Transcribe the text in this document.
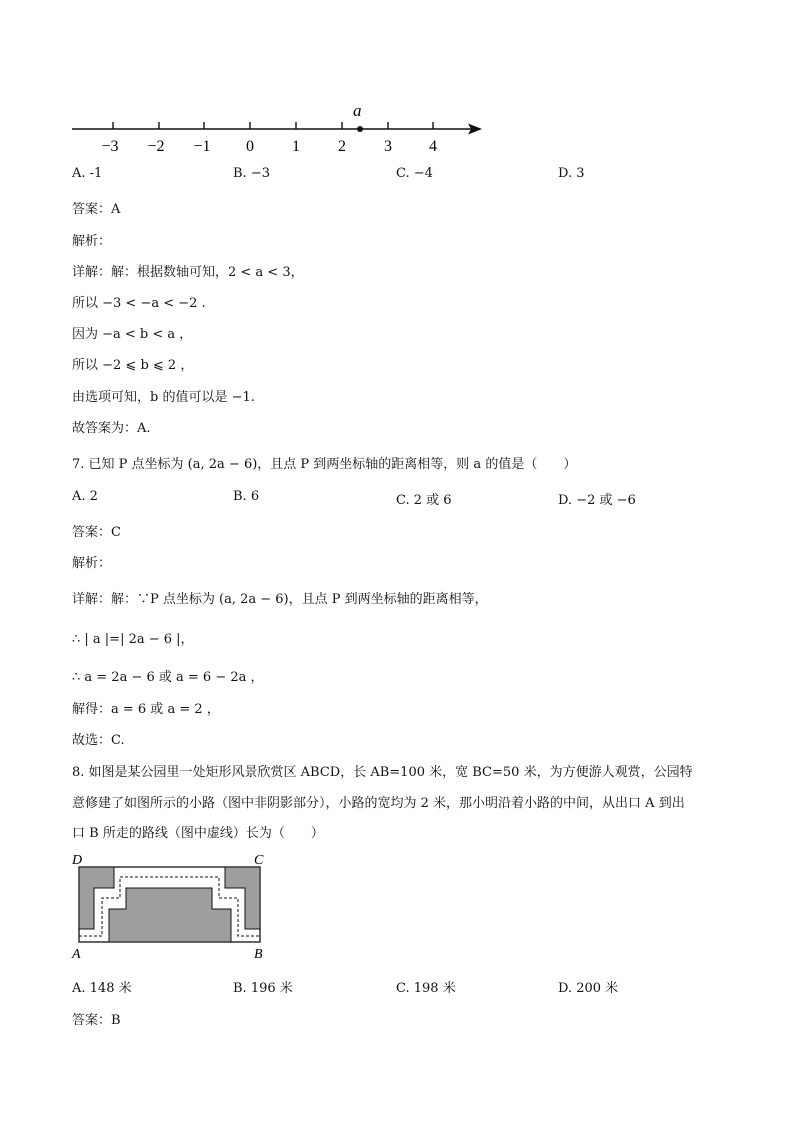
a
−3 −2 −1 0 1 2 3 4
A. -1	B. −3	C. −4	D. 3
答案：A
解析：
详解：解：根据数轴可知，2 < a < 3，
所以 −3 < −a < −2 .
因为 −a < b < a ，
所以 −2 ⩽ b ⩽ 2 ，
由选项可知，b 的值可以是 −1.
故答案为：A.
7. 已知 P 点坐标为 (a, 2a − 6)，且点 P 到两坐标轴的距离相等，则 a 的值是（　　）
A. 2	B. 6	C. 2 或 6	D. −2 或 −6
答案：C
解析：
详解：解：∵P 点坐标为 (a, 2a − 6)，且点 P 到两坐标轴的距离相等，
∴ | a |=| 2a − 6 |，
∴ a = 2a − 6 或 a = 6 − 2a ，
解得：a = 6 或 a = 2 ，
故选：C.
8. 如图是某公园里一处矩形风景欣赏区 ABCD，长 AB=100 米，宽 BC=50 米，为方便游人观赏，公园特
意修建了如图所示的小路（图中非阴影部分），小路的宽均为 2 米，那小明沿着小路的中间，从出口 A 到出
口 B 所走的路线（图中虚线）长为（　　）
D	C
A	B
A. 148 米	B. 196 米	C. 198 米	D. 200 米
答案：B
